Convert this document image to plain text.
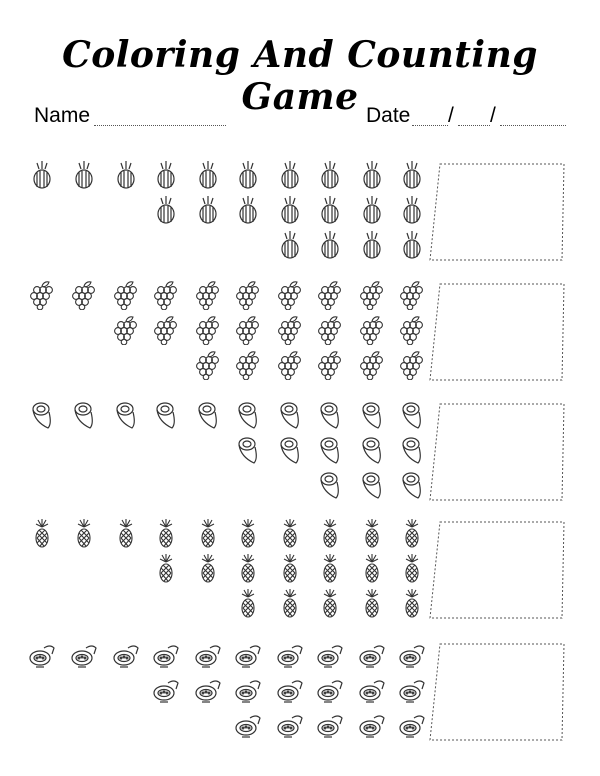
Coloring And Counting Game
Name	Date / /
